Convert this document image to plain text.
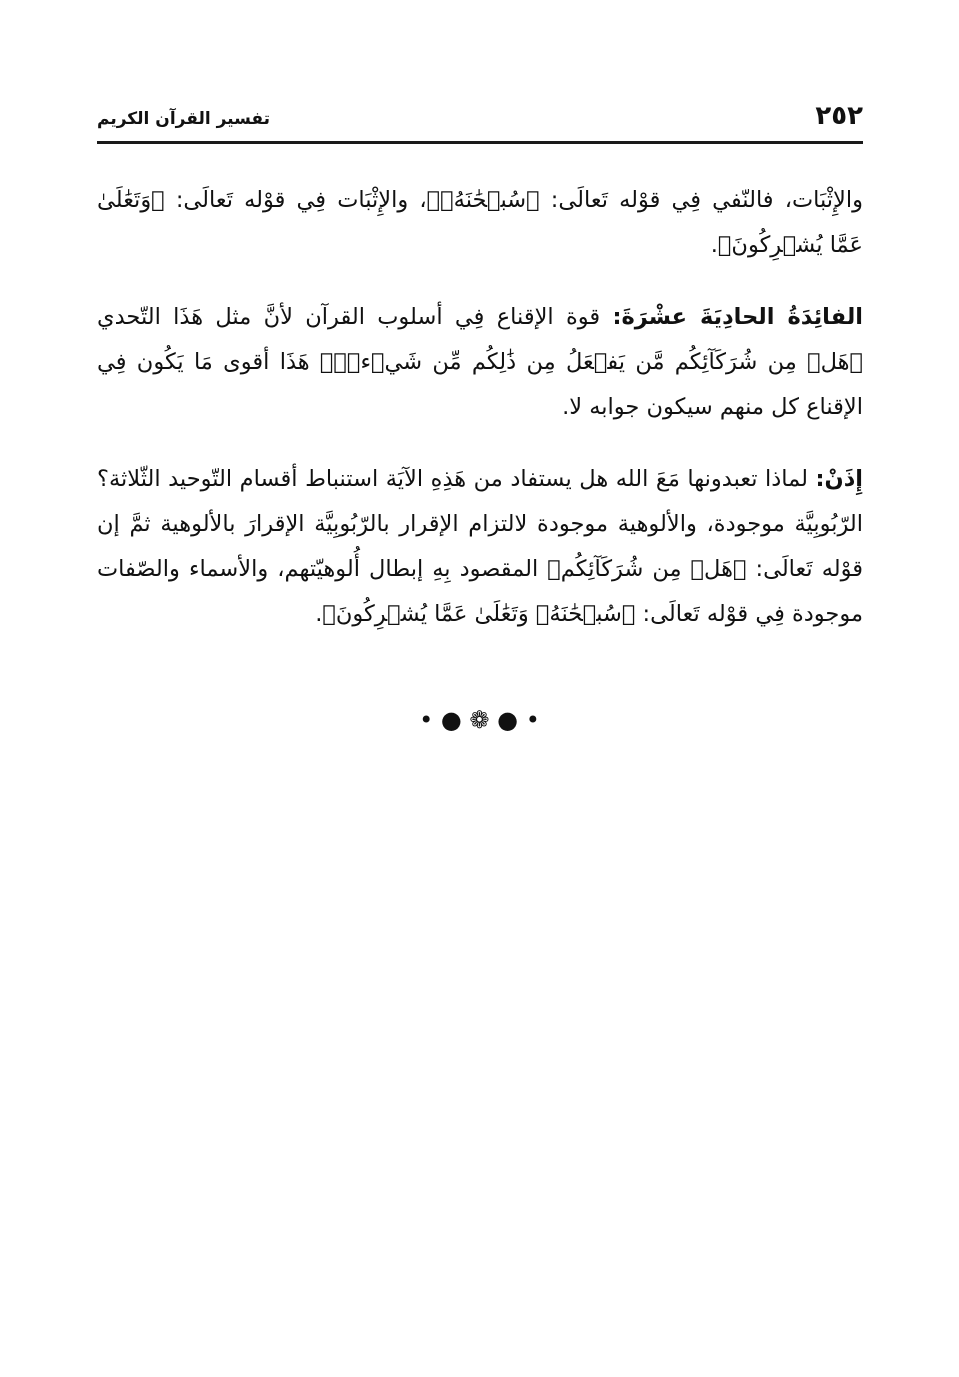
٢٥٢
تفسير القرآن الكريم

والإِثْبَات، فالنّفي فِي قوْله تَعالَى: ﴿سُبۡحَٰنَهُۥ﴾، والإِثْبَات فِي قوْله تَعالَى: ﴿وَتَعَٰلَىٰ عَمَّا يُشۡرِكُونَ﴾.

الفائِدَةُ الحادِيَةَ عشْرَةَ: قوة الإقناع فِي أسلوب القرآن لأنَّ مثل هَذَا التّحدي ﴿هَلۡ مِن شُرَكَآئِكُم مَّن يَفۡعَلُ مِن ذَٰلِكُم مِّن شَيۡءٖۚ﴾ هَذَا أقوى مَا يَكُون فِي الإقناع كل منهم سيكون جوابه لا.

إِذَنْ: لماذا تعبدونها مَعَ الله هل يستفاد من هَذِهِ الآيَة استنباط أقسام التّوحيد الثّلاثة؟ الرّبُوبِيَّة موجودة، والألوهية موجودة لالتزام الإقرار بالرّبُوبِيَّة الإقرارَ بالألوهية ثمَّ إن قوْله تَعالَى: ﴿هَلۡ مِن شُرَكَآئِكُم﴾ المقصود بِهِ إبطال أُلوهيّتهم، والأسماء والصّفات موجودة فِي قوْله تَعالَى: ﴿سُبۡحَٰنَهُۥ وَتَعَٰلَىٰ عَمَّا يُشۡرِكُونَ﴾.

• ● ❁ ● •
